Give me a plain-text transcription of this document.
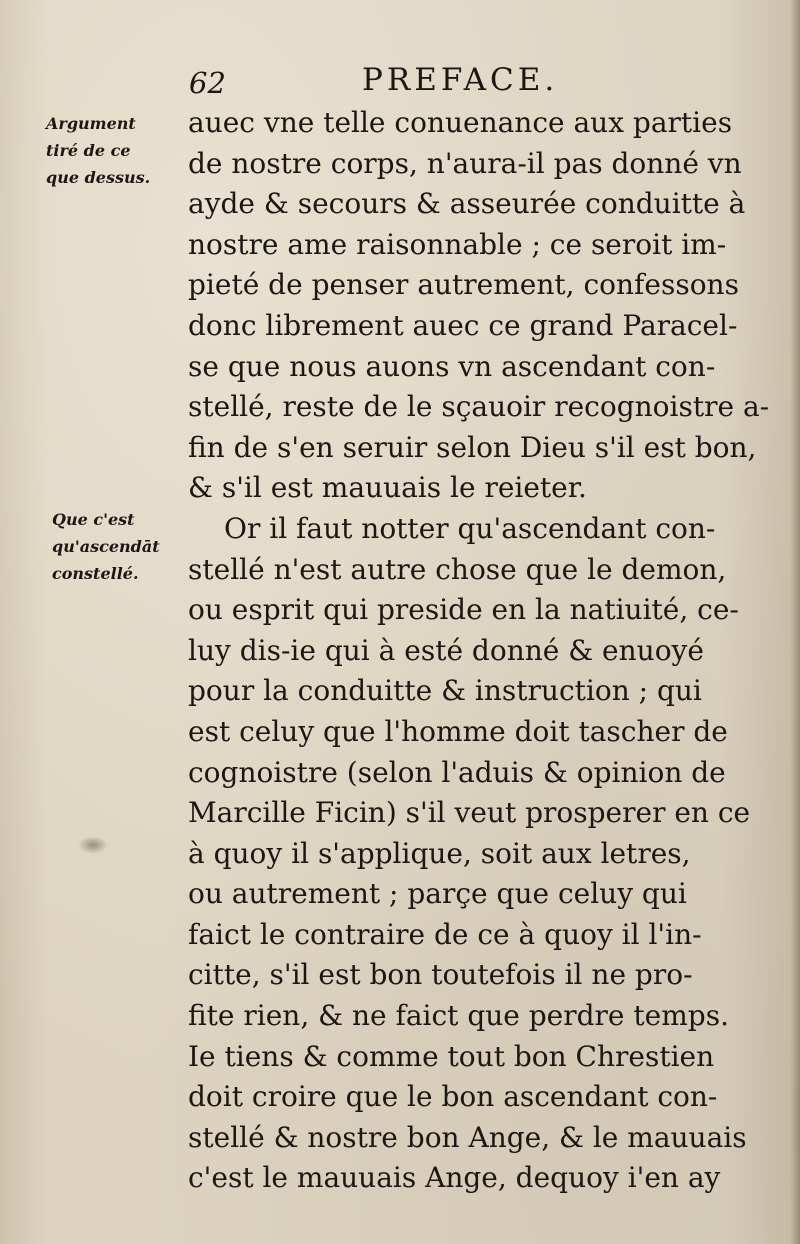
62	PREFACE.
Argument
tiré de ce
que dessus.
Que c'est
qu'ascendāt
constellé.
auec vne telle conuenance aux parties
de nostre corps, n'aura-il pas donné vn
ayde & secours & asseurée conduitte à
nostre ame raisonnable ; ce seroit im-
pieté de penser autrement, confessons
donc librement auec ce grand Paracel-
se que nous auons vn ascendant con-
stellé, reste de le sçauoir recognoistre a-
fin de s'en seruir selon Dieu s'il est bon,
& s'il est mauuais le reieter.
Or il faut notter qu'ascendant con-
stellé n'est autre chose que le demon,
ou esprit qui preside en la natiuité, ce-
luy dis-ie qui à esté donné & enuoyé
pour la conduitte & instruction ; qui
est celuy que l'homme doit tascher de
cognoistre (selon l'aduis & opinion de
Marcille Ficin) s'il veut prosperer en ce
à quoy il s'applique, soit aux letres,
ou autrement ; parçe que celuy qui
faict le contraire de ce à quoy il l'in-
citte, s'il est bon toutefois il ne pro-
fite rien, & ne faict que perdre temps.
Ie tiens & comme tout bon Chrestien
doit croire que le bon ascendant con-
stellé & nostre bon Ange, & le mauuais
c'est le mauuais Ange, dequoy i'en ay
